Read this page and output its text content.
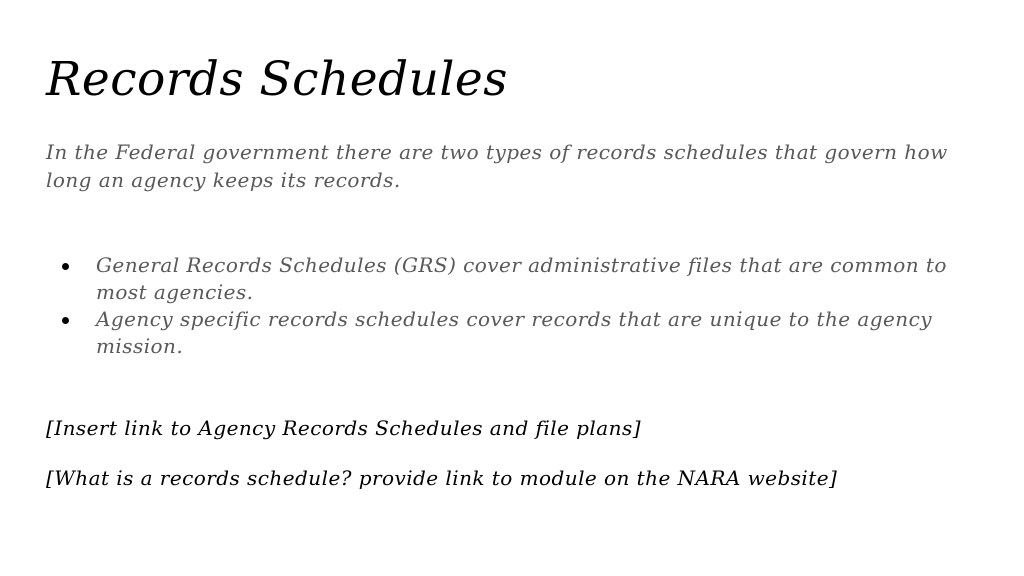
Records Schedules

In the Federal government there are two types of records schedules that govern how long an agency keeps its records.

General Records Schedules (GRS) cover administrative files that are common to most agencies.
Agency specific records schedules cover records that are unique to the agency mission.

[Insert link to Agency Records Schedules and file plans]

[What is a records schedule? provide link to module on the NARA website]
